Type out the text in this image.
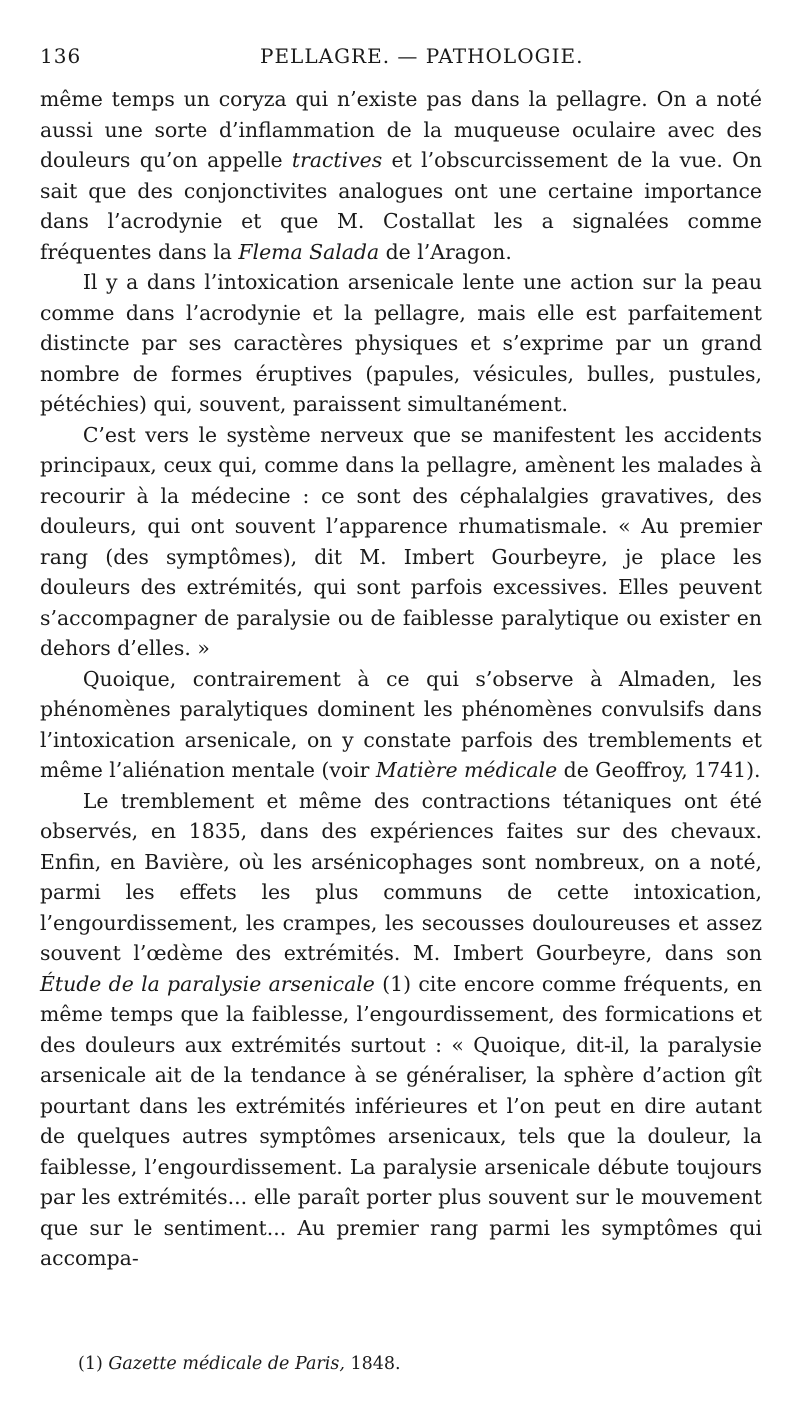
136	PELLAGRE. — PATHOLOGIE.

même temps un coryza qui n’existe pas dans la pellagre. On a noté aussi une sorte d’inflammation de la muqueuse oculaire avec des douleurs qu’on appelle tractives et l’obscurcissement de la vue. On sait que des conjonctivites analogues ont une certaine importance dans l’acrodynie et que M. Costallat les a signalées comme fréquentes dans la Flema Salada de l’Aragon.

Il y a dans l’intoxication arsenicale lente une action sur la peau comme dans l’acrodynie et la pellagre, mais elle est parfaitement distincte par ses caractères physiques et s’exprime par un grand nombre de formes éruptives (papules, vésicules, bulles, pustules, pétéchies) qui, souvent, paraissent simultanément.

C’est vers le système nerveux que se manifestent les accidents principaux, ceux qui, comme dans la pellagre, amènent les malades à recourir à la médecine : ce sont des céphalalgies gravatives, des douleurs, qui ont souvent l’apparence rhumatismale. « Au premier rang (des symptômes), dit M. Imbert Gourbeyre, je place les douleurs des extrémités, qui sont parfois excessives. Elles peuvent s’accompagner de paralysie ou de faiblesse paralytique ou exister en dehors d’elles. »

Quoique, contrairement à ce qui s’observe à Almaden, les phénomènes paralytiques dominent les phénomènes convulsifs dans l’intoxication arsenicale, on y constate parfois des tremblements et même l’aliénation mentale (voir Matière médicale de Geoffroy, 1741).

Le tremblement et même des contractions tétaniques ont été observés, en 1835, dans des expériences faites sur des chevaux. Enfin, en Bavière, où les arsénicophages sont nombreux, on a noté, parmi les effets les plus communs de cette intoxication, l’engourdissement, les crampes, les secousses douloureuses et assez souvent l’œdème des extrémités. M. Imbert Gourbeyre, dans son Étude de la paralysie arsenicale (1) cite encore comme fréquents, en même temps que la faiblesse, l’engourdissement, des formications et des douleurs aux extrémités surtout : « Quoique, dit-il, la paralysie arsenicale ait de la tendance à se généraliser, la sphère d’action gît pourtant dans les extrémités inférieures et l’on peut en dire autant de quelques autres symptômes arsenicaux, tels que la douleur, la faiblesse, l’engourdissement. La paralysie arsenicale débute toujours par les extrémités... elle paraît porter plus souvent sur le mouvement que sur le sentiment... Au premier rang parmi les symptômes qui accompa-

(1) Gazette médicale de Paris, 1848.
